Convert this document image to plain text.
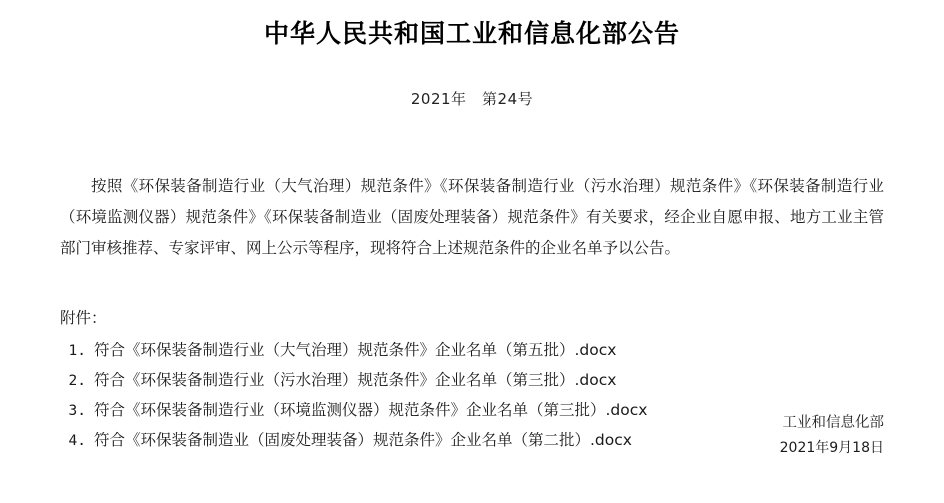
中华人民共和国工业和信息化部公告

2021年　第24号

按照《环保装备制造行业（大气治理）规范条件》《环保装备制造行业（污水治理）规范条件》《环保装备制造行业（环境监测仪器）规范条件》《环保装备制造业（固废处理装备）规范条件》有关要求，经企业自愿申报、地方工业主管部门审核推荐、专家评审、网上公示等程序，现将符合上述规范条件的企业名单予以公告。

附件：

1. 符合《环保装备制造行业（大气治理）规范条件》企业名单（第五批）.docx
2. 符合《环保装备制造行业（污水治理）规范条件》企业名单（第三批）.docx
3. 符合《环保装备制造行业（环境监测仪器）规范条件》企业名单（第三批）.docx
4. 符合《环保装备制造业（固废处理装备）规范条件》企业名单（第二批）.docx

工业和信息化部

2021年9月18日
